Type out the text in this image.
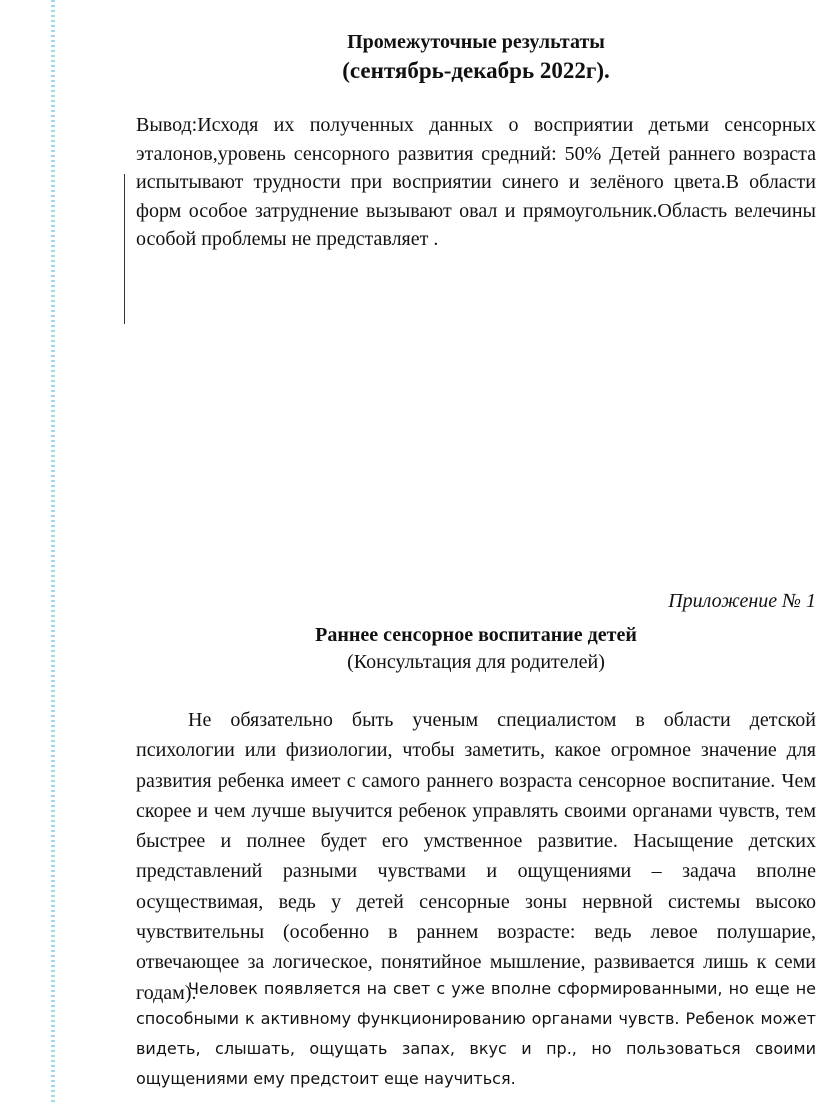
Промежуточные результаты
(сентябрь-декабрь 2022г).
Вывод:Исходя их полученных данных о восприятии детьми сенсорных эталонов,уровень сенсорного развития средний: 50% Детей раннего возраста испытывают трудности при восприятии синего и зелёного цвета.В области форм особое затруднение вызывают овал и прямоугольник.Область велечины особой проблемы не представляет .
Приложение № 1
Раннее сенсорное воспитание детей
(Консультация для родителей)
Не обязательно быть ученым специалистом в области детской психологии или физиологии, чтобы заметить, какое огромное значение для развития ребенка имеет с самого раннего возраста сенсорное воспитание. Чем скорее и чем лучше выучится ребенок управлять своими органами чувств, тем быстрее и полнее будет его умственное развитие. Насыщение детских представлений разными чувствами и ощущениями – задача вполне осуществимая, ведь у детей сенсорные зоны нервной системы высоко чувствительны (особенно в раннем возрасте: ведь левое полушарие, отвечающее за логическое, понятийное мышление, развивается лишь к семи годам).
Человек появляется на свет с уже вполне сформированными, но еще не способными к активному функционированию органами чувств. Ребенок может видеть, слышать, ощущать запах, вкус и пр., но пользоваться своими ощущениями ему предстоит еще научиться.
